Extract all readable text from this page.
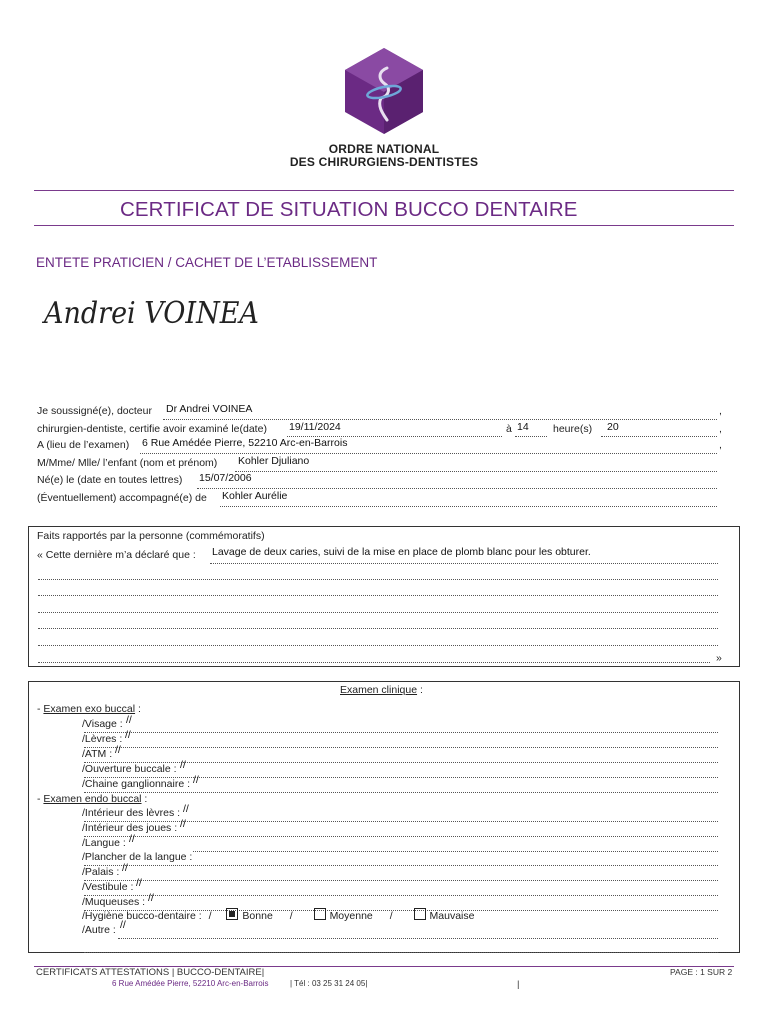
ORDRE NATIONAL
DES CHIRURGIENS-DENTISTES
CERTIFICAT DE SITUATION BUCCO DENTAIRE
ENTETE PRATICIEN / CACHET DE L’ETABLISSEMENT
Andrei VOINEA
Je soussigné(e), docteur	Dr Andrei VOINEA	,
chirurgien-dentiste, certifie avoir examiné le(date) 19/11/2024	à 14 heure(s) 20	,
A (lieu de l’examen) 6 Rue Amédée Pierre, 52210 Arc-en-Barrois	,
M/Mme/ Mlle/ l’enfant (nom et prénom) Kohler Djuliano
Né(e) le (date en toutes lettres) 15/07/2006
(Éventuellement) accompagné(e) de Kohler Aurélie
Faits rapportés par la personne (commémoratifs)
« Cette dernière m’a déclaré que : Lavage de deux caries, suivi de la mise en place de plomb blanc pour les obturer.
»
Examen clinique :
- Examen exo buccal :
/Visage : //
/Lèvres : //
/ATM : //
/Ouverture buccale : //
/Chaine ganglionnaire : //
- Examen endo buccal :
/Intérieur des lèvres : //
/Intérieur des joues : //
/Langue : //
/Plancher de la langue :
/Palais : //
/Vestibule : //
/Muqueuses : //
/Hygiène bucco-dentaire : /	Bonne /	Moyenne /	Mauvaise
/Autre : //
CERTIFICATS ATTESTATIONS | BUCCO-DENTAIRE|	PAGE : 1 SUR 2
6 Rue Amédée Pierre, 52210 Arc-en-Barrois	| Tél : 03 25 31 24 05|	|
